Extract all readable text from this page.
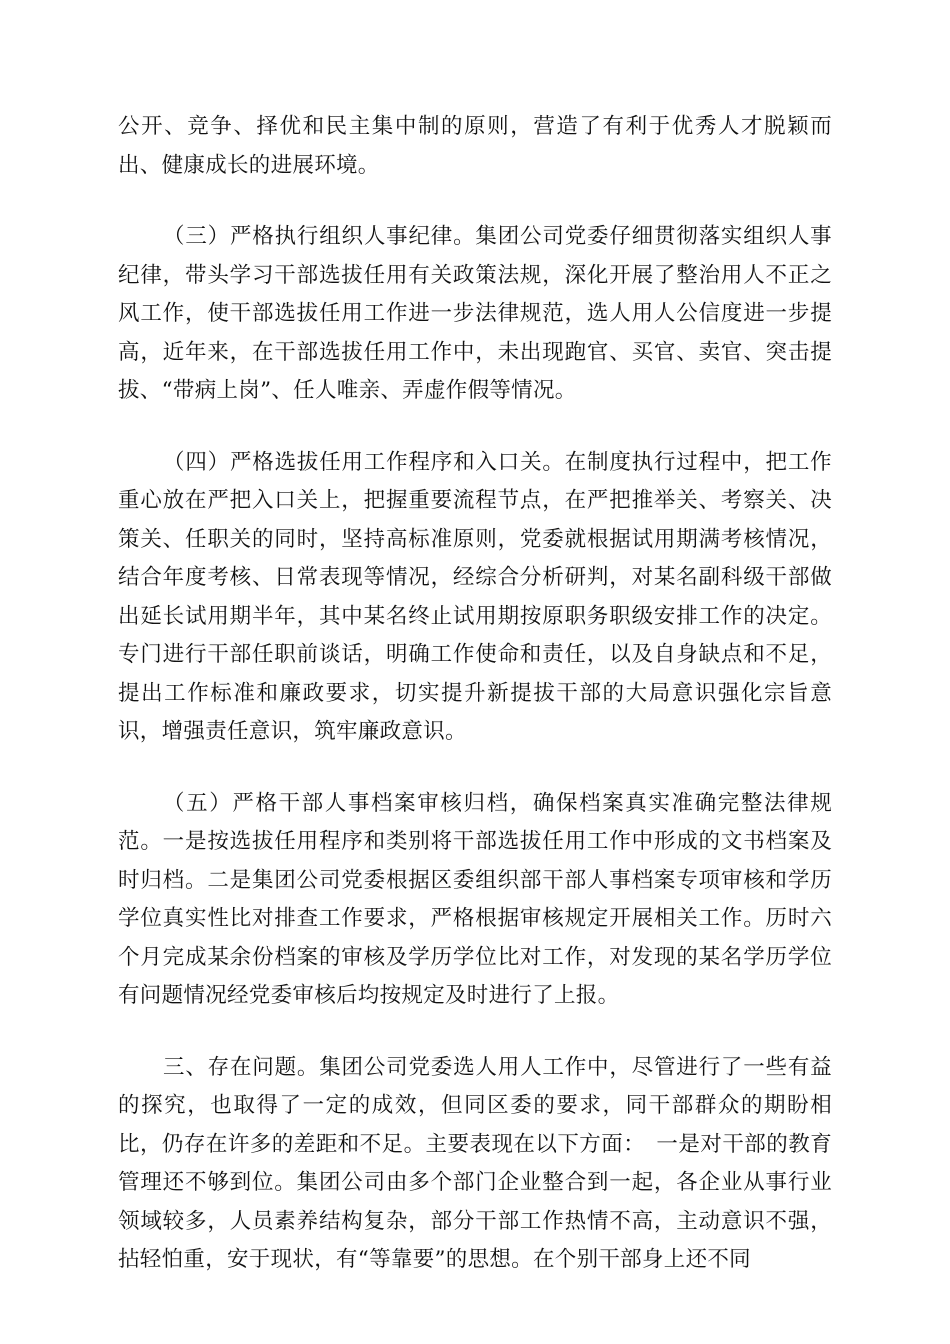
公开、竞争、择优和民主集中制的原则，营造了有利于优秀人才脱颖而出、健康成长的进展环境。

（三）严格执行组织人事纪律。集团公司党委仔细贯彻落实组织人事纪律，带头学习干部选拔任用有关政策法规，深化开展了整治用人不正之风工作，使干部选拔任用工作进一步法律规范，选人用人公信度进一步提高，近年来，在干部选拔任用工作中，未出现跑官、买官、卖官、突击提拔、“带病上岗”、任人唯亲、弄虚作假等情况。

（四）严格选拔任用工作程序和入口关。在制度执行过程中，把工作重心放在严把入口关上，把握重要流程节点，在严把推举关、考察关、决策关、任职关的同时，坚持高标准原则，党委就根据试用期满考核情况，结合年度考核、日常表现等情况，经综合分析研判，对某名副科级干部做出延长试用期半年，其中某名终止试用期按原职务职级安排工作的决定。专门进行干部任职前谈话，明确工作使命和责任，以及自身缺点和不足，提出工作标准和廉政要求，切实提升新提拔干部的大局意识强化宗旨意识，增强责任意识，筑牢廉政意识。

（五）严格干部人事档案审核归档，确保档案真实准确完整法律规范。一是按选拔任用程序和类别将干部选拔任用工作中形成的文书档案及时归档。二是集团公司党委根据区委组织部干部人事档案专项审核和学历学位真实性比对排查工作要求，严格根据审核规定开展相关工作。历时六个月完成某余份档案的审核及学历学位比对工作，对发现的某名学历学位有问题情况经党委审核后均按规定及时进行了上报。

三、存在问题。集团公司党委选人用人工作中，尽管进行了一些有益的探究，也取得了一定的成效，但同区委的要求，同干部群众的期盼相比，仍存在许多的差距和不足。主要表现在以下方面：　一是对干部的教育管理还不够到位。集团公司由多个部门企业整合到一起，各企业从事行业领域较多，人员素养结构复杂，部分干部工作热情不高，主动意识不强，拈轻怕重，安于现状，有“等靠要”的思想。在个别干部身上还不同
